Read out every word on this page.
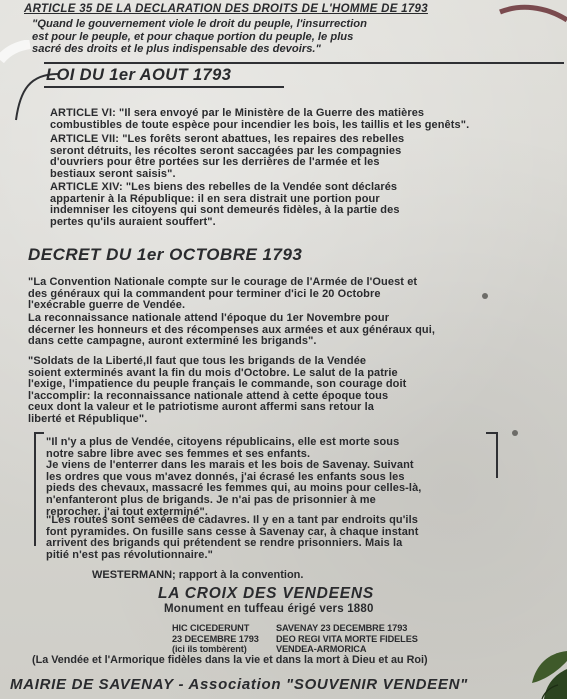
ARTICLE 35 DE LA DECLARATION DES DROITS DE L'HOMME DE 1793
"Quand le gouvernement viole le droit du peuple, l'insurrection
est pour le peuple, et pour chaque portion du peuple, le plus
sacré des droits et le plus indispensable des devoirs."
LOI DU 1er AOUT 1793
ARTICLE VI: "Il sera envoyé par le Ministère de la Guerre des matières
combustibles de toute espèce pour incendier les bois, les taillis et les genêts".
ARTICLE VII: "Les forêts seront abattues, les repaires des rebelles
seront détruits, les récoltes seront saccagées par les compagnies
d'ouvriers pour être portées sur les derrières de l'armée et les
bestiaux seront saisis".
ARTICLE XIV: "Les biens des rebelles de la Vendée sont déclarés
appartenir à la République: il en sera distrait une portion pour
indemniser les citoyens qui sont demeurés fidèles, à la partie des
pertes qu'ils auraient souffert".
DECRET DU 1er OCTOBRE 1793
"La Convention Nationale compte sur le courage de l'Armée de l'Ouest et
des généraux qui la commandent pour terminer d'ici le 20 Octobre
l'exécrable guerre de Vendée.
La reconnaissance nationale attend l'époque du 1er Novembre pour
décerner les honneurs et des récompenses aux armées et aux généraux qui,
dans cette campagne, auront exterminé les brigands".
"Soldats de la Liberté,Il faut que tous les brigands de la Vendée
soient exterminés avant la fin du mois d'Octobre. Le salut de la patrie
l'exige, l'impatience du peuple français le commande, son courage doit
l'accomplir: la reconnaissance nationale attend à cette époque tous
ceux dont la valeur et le patriotisme auront affermi sans retour la
liberté et République".
"Il n'y a plus de Vendée, citoyens républicains, elle est morte sous
notre sabre libre avec ses femmes et ses enfants.
Je viens de l'enterrer dans les marais et les bois de Savenay. Suivant
les ordres que vous m'avez donnés, j'ai écrasé les enfants sous les
pieds des chevaux, massacré les femmes qui, au moins pour celles-là,
n'enfanteront plus de brigands. Je n'ai pas de prisonnier à me
reprocher. j'ai tout exterminé".
"Les routes sont semées de cadavres. Il y en a tant par endroits qu'ils
font pyramides. On fusille sans cesse à Savenay car, à chaque instant
arrivent des brigands qui prétendent se rendre prisonniers. Mais la
pitié n'est pas révolutionnaire."
WESTERMANN; rapport à la convention.
LA CROIX DES VENDEENS
Monument en tuffeau érigé vers 1880
HIC CICEDERUNT
23 DECEMBRE 1793
(ici ils tombèrent)
SAVENAY 23 DECEMBRE 1793
DEO REGI VITA MORTE FIDELES
VENDEA-ARMORICA
(La Vendée et l'Armorique fidèles dans la vie et dans la mort à Dieu et au Roi)
MAIRIE DE SAVENAY - Association "SOUVENIR VENDEEN"
